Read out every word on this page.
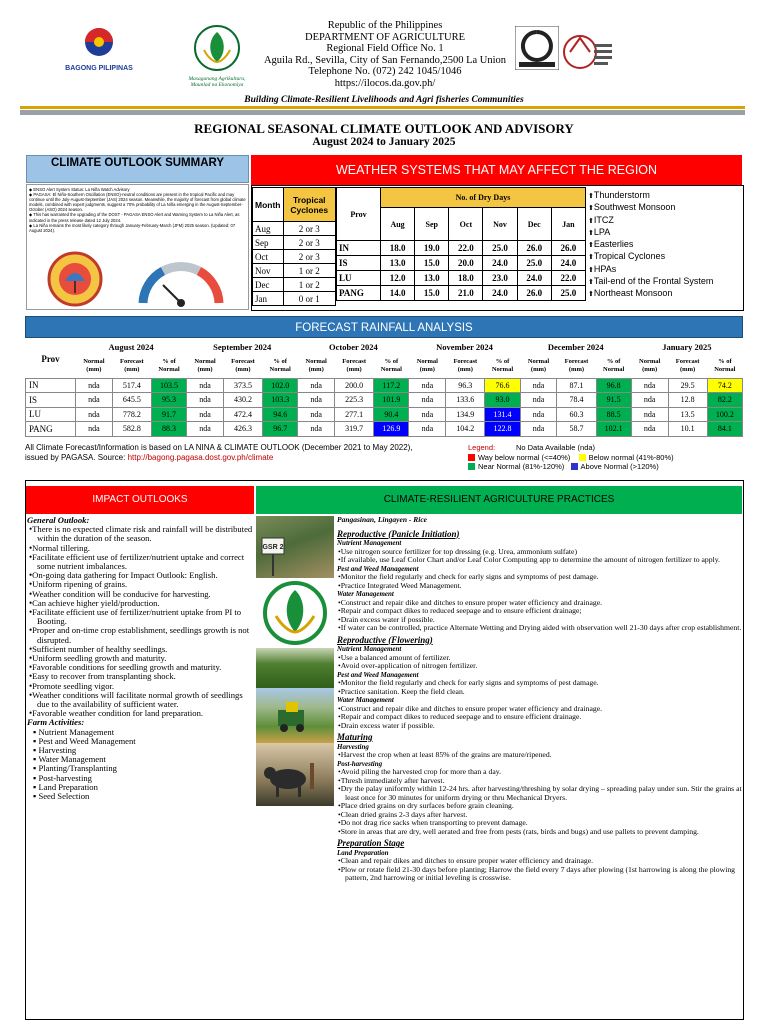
BAGONG PILIPINAS
Masaganang Agrikultura,
Maunlad na Ekonomiya
Republic of the Philippines
DEPARTMENT OF AGRICULTURE
Regional Field Office No. 1
Aguila Rd., Sevilla, City of San Fernando,2500 La Union
Telephone No. (072) 242 1045/1046
https://ilocos.da.gov.ph/
Building Climate-Resilient Livelihoods and Agri fisheries Communities
REGIONAL SEASONAL CLIMATE OUTLOOK AND ADVISORY
August 2024 to January 2025
CLIMATE OUTLOOK SUMMARY
◆ ENSO Alert System Status: La Niña Watch Advisory
◆ PAGASA: El Niño-Southern Oscillation (ENSO)-neutral conditions are present in the tropical Pacific and may continue until the July-August-September (JAS) 2024 season. Meanwhile, the majority of forecast from global climate models, combined with expert judgments, suggest a 70% probability of La Niña emerging in the August-September-October (ASO) 2024 season.
◆ This has warranted the upgrading of the DOST - PAGASA ENSO Alert and Warning System to La Niña Alert, as indicated in the press release dated 12 July 2024.
◆ La Niña remains the most likely category through January-February-March (JFM) 2025 season. (Updated: 07 August 2024).
WEATHER SYSTEMS THAT MAY AFFECT THE REGION
Month	Tropical Cyclones
Aug	2 or 3
Sep	2 or 3
Oct	2 or 3
Nov	1 or 2
Dec	1 or 2
Jan	0 or 1
Prov	No. of Dry Days					
	Aug	Sep	Oct	Nov	Dec	Jan
IN	18.0	19.0	22.0	25.0	26.0	26.0
IS	13.0	15.0	20.0	24.0	25.0	24.0
LU	12.0	13.0	18.0	23.0	24.0	22.0
PANG	14.0	15.0	21.0	24.0	26.0	25.0
⬆ Thunderstorm
⬆ Southwest Monsoon
⬆ ITCZ
⬆ LPA
⬆ Easterlies
⬆ Tropical Cyclones
⬆ HPAs
⬆ Tail-end of the Frontal System
⬆ Northeast Monsoon
FORECAST RAINFALL ANALYSIS
Prov	August 2024			September 2024			October 2024			November 2024			December 2024			January 2025		
	Normal (mm)	Forecast (mm)	% of Normal	Normal (mm)	Forecast (mm)	% of Normal	Normal (mm)	Forecast (mm)	% of Normal	Normal (mm)	Forecast (mm)	% of Normal	Normal (mm)	Forecast (mm)	% of Normal	Normal (mm)	Forecast (mm)	% of Normal
IN	nda	517.4	103.5	nda	373.5	102.0	nda	200.0	117.2	nda	96.3	76.6	nda	87.1	96.8	nda	29.5	74.2
IS	nda	645.5	95.3	nda	430.2	103.3	nda	225.3	101.9	nda	133.6	93.0	nda	78.4	91.5	nda	12.8	82.2
LU	nda	778.2	91.7	nda	472.4	94.6	nda	277.1	90.4	nda	134.9	131.4	nda	60.3	88.5	nda	13.5	100.2
PANG	nda	582.8	88.3	nda	426.3	96.7	nda	319.7	126.9	nda	104.2	122.8	nda	58.7	102.1	nda	10.1	84.1
All Climate Forecast/Information is based on LA NINA & CLIMATE OUTLOOK (December 2021 to May 2022),
issued by PAGASA. Source: http://bagong.pagasa.dost.gov.ph/climate
Legend:	No Data Available (nda)
Way below normal (<=40%) Below normal (41%-80%)
Near Normal (81%-120%) Above Normal (>120%)
IMPACT OUTLOOKS	CLIMATE-RESILIENT AGRICULTURE PRACTICES
General Outlook:
• There is no expected climate risk and rainfall will be distributed within the duration of the season.
• Normal tillering.
• Facilitate efficient use of fertilizer/nutrient uptake and correct some nutrient imbalances.
• On-going data gathering for Impact Outlook: English.
• Uniform ripening of grains.
• Weather condition will be conducive for harvesting.
• Can achieve higher yield/production.
• Facilitate efficient use of fertilizer/nutrient uptake from PI to Booting.
• Proper and on-time crop establishment, seedlings growth is not disrupted.
• Sufficient number of healthy seedlings.
• Uniform seedling growth and maturity.
• Favorable conditions for seedling growth and maturity.
• Easy to recover from transplanting shock.
• Promote seedling vigor.
• Weather conditions will facilitate normal growth of seedlings due to the availability of sufficient water.
• Favorable weather condition for land preparation.
Farm Activities:
▪ Nutrient Management
▪ Pest and Weed Management
▪ Harvesting
▪ Water Management
▪ Planting/Transplanting
▪ Post-harvesting
▪ Land Preparation
▪ Seed Selection
GSR 2
Pangasinan, Lingayen - Rice
Reproductive (Panicle Initiation)
Nutrient Management
• Use nitrogen source fertilizer for top dressing (e.g. Urea, ammonium sulfate)
• If available, use Leaf Color Chart and/or Leaf Color Computing app to determine the amount of nitrogen fertilizer to apply.
Pest and Weed Management
• Monitor the field regularly and check for early signs and symptoms of pest damage.
• Practice Integrated Weed Management.
Water Management
• Construct and repair dike and ditches to ensure proper water efficiency and drainage.
• Repair and compact dikes to reduced seepage and to ensure efficient drainage;
• Drain excess water if possible.
• If water can be controlled, practice Alternate Wetting and Drying aided with observation well 21-30 days after crop establishment.
Reproductive (Flowering)
Nutrient Management
• Use a balanced amount of fertilizer.
• Avoid over-application of nitrogen fertilizer.
Pest and Weed Management
• Monitor the field regularly and check for early signs and symptoms of pest damage.
• Practice sanitation. Keep the field clean.
Water Management
• Construct and repair dike and ditches to ensure proper water efficiency and drainage.
• Repair and compact dikes to reduced seepage and to ensure efficient drainage.
• Drain excess water if possible.
Maturing
Harvesting
• Harvest the crop when at least 85% of the grains are mature/ripened.
Post-harvesting
• Avoid piling the harvested crop for more than a day.
• Thresh immediately after harvest.
• Dry the palay uniformly within 12-24 hrs. after harvesting/threshing by solar drying – spreading palay under sun. Stir the grains at least once for 30 minutes for uniform drying or thru Mechanical Dryers.
• Place dried grains on dry surfaces before grain cleaning.
• Clean dried grains 2-3 days after harvest.
• Do not drag rice sacks when transporting to prevent damage.
• Store in areas that are dry, well aerated and free from pests (rats, birds and bugs) and use pallets to prevent damping.
Preparation Stage
Land Preparation
• Clean and repair dikes and ditches to ensure proper water efficiency and drainage.
• Plow or rotate field 21-30 days before planting; Harrow the field every 7 days after plowing (1st harrowing is along the plowing pattern, 2nd harrowing or initial leveling is crosswise.
